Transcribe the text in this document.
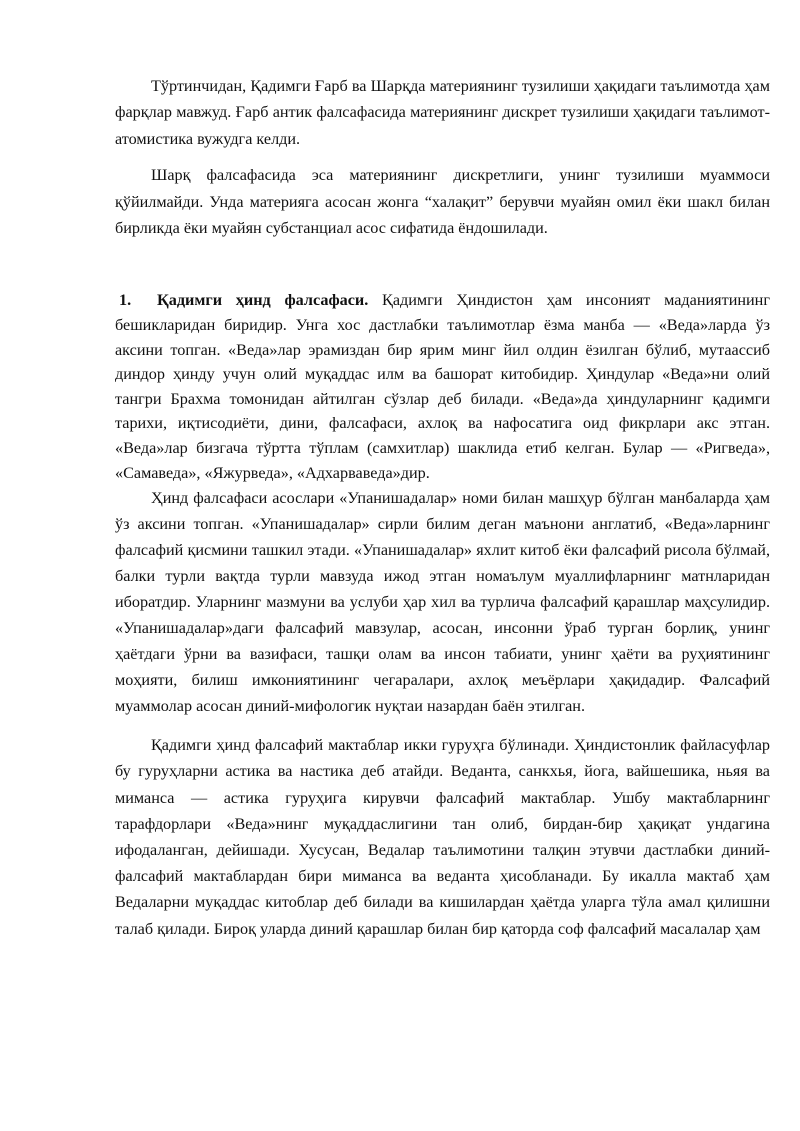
Тўртинчидан, Қадимги Ғарб ва Шарқда материянинг тузилиши ҳақидаги таълимотда ҳам фарқлар мавжуд. Ғарб антик фалсафасида материянинг дискрет тузилиши ҳақидаги таълимот-атомистика вужудга келди.

Шарқ фалсафасида эса материянинг дискретлиги, унинг тузилиши муаммоси қўйилмайди. Унда материяга асосан жонга “халақит” берувчи муайян омил ёки шакл билан бирликда ёки муайян субстанциал асос сифатида ёндошилади.

1. Қадимги ҳинд фалсафаси. Қадимги Ҳиндистон ҳам инсоният маданиятининг бешикларидан биридир. Унга хос дастлабки таълимотлар ёзма манба — «Веда»ларда ўз аксини топган. «Веда»лар эрамиздан бир ярим минг йил олдин ёзилган бўлиб, мутаассиб диндор ҳинду учун олий муқаддас илм ва башорат китобидир. Ҳиндулар «Веда»ни олий тангри Брахма томонидан айтилган сўзлар деб билади. «Веда»да ҳиндуларнинг қадимги тарихи, иқтисодиёти, дини, фалсафаси, ахлоқ ва нафосатига оид фикрлари акс этган. «Веда»лар бизгача тўртта тўплам (самхитлар) шаклида етиб келган. Булар — «Ригведа», «Самаведа», «Яжурведа», «Адхарваведа»дир.

Ҳинд фалсафаси асослари «Упанишадалар» номи билан машҳур бўлган манбаларда ҳам ўз аксини топган. «Упанишадалар» сирли билим деган маънони англатиб, «Веда»ларнинг фалсафий қисмини ташкил этади. «Упанишадалар» яхлит китоб ёки фалсафий рисола бўлмай, балки турли вақтда турли мавзуда ижод этган номаълум муаллифларнинг матнларидан иборатдир. Уларнинг мазмуни ва услуби ҳар хил ва турлича фалсафий қарашлар маҳсулидир. «Упанишадалар»даги фалсафий мавзулар, асосан, инсонни ўраб турган борлиқ, унинг ҳаётдаги ўрни ва вазифаси, ташқи олам ва инсон табиати, унинг ҳаёти ва руҳиятининг моҳияти, билиш имкониятининг чегаралари, ахлоқ меъёрлари ҳақидадир. Фалсафий муаммолар асосан диний-мифологик нуқтаи назардан баён этилган.

Қадимги ҳинд фалсафий мактаблар икки гуруҳга бўлинади. Ҳиндистонлик файласуфлар бу гуруҳларни астика ва настика деб атайди. Веданта, санкхья, йога, вайшешика, ньяя ва миманса — астика гуруҳига кирувчи фалсафий мактаблар. Ушбу мактабларнинг тарафдорлари «Веда»нинг муқаддаслигини тан олиб, бирдан-бир ҳақиқат ундагина ифодаланган, дейишади. Хусусан, Ведалар таълимотини талқин этувчи дастлабки диний-фалсафий мактаблардан бири миманса ва веданта ҳисобланади. Бу икалла мактаб ҳам Ведаларни муқаддас китоблар деб билади ва кишилардан ҳаётда уларга тўла амал қилишни талаб қилади. Бироқ уларда диний қарашлар билан бир қаторда соф фалсафий масалалар ҳам
